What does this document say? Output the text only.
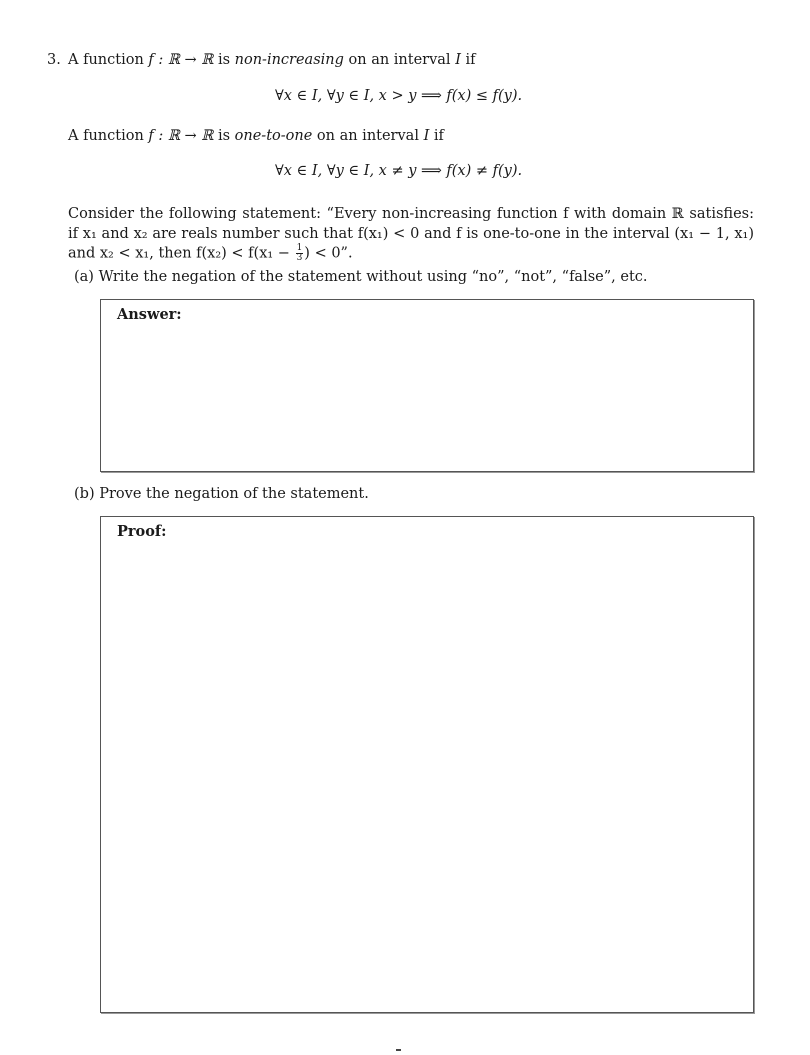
3. A function f : ℝ → ℝ is non-increasing on an interval I if
∀x ∈ I, ∀y ∈ I, x > y ⟹ f(x) ≤ f(y).
A function f : ℝ → ℝ is one-to-one on an interval I if
∀x ∈ I, ∀y ∈ I, x ≠ y ⟹ f(x) ≠ f(y).
Consider the following statement: “Every non-increasing function f with domain ℝ satisfies: if x₁ and x₂ are reals number such that f(x₁) < 0 and f is one-to-one in the interval (x₁ − 1, x₁) and x₂ < x₁, then $f(x_2) < f(x_1 - \frac{1}{3}$ ) < 0”.
(a) Write the negation of the statement without using “no”, “not”, “false”, etc.
Answer:
(b) Prove the negation of the statement.
Proof:
